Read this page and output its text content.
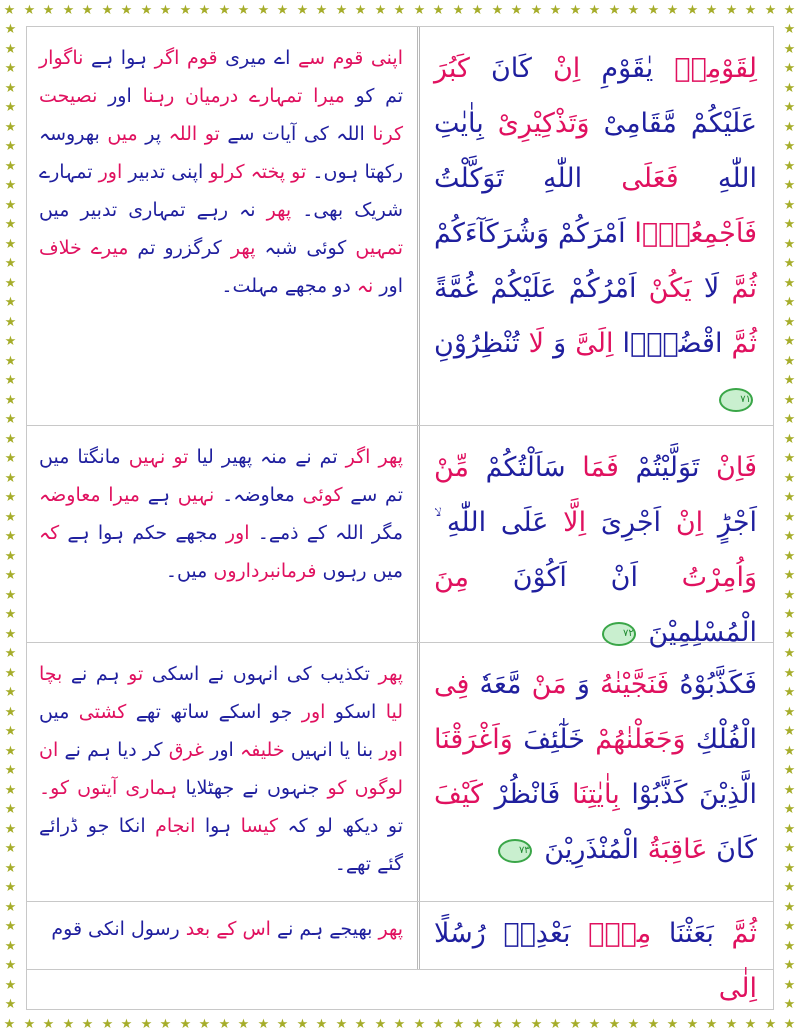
★
★
★
★
★
★
★
★
★
★
★
★
★
★
★
★
★
★
★
★
★
★
★
★
★
★
★
★
★
★
★
★
★
★
★
★
★
★
★
★
★
★
★
★
★
★
★
★
★
★
★
★
★
★
★
★
★
★
★
★
★
★
★
★
★
★
★
★
★
★
★
★
★
★
★
★
★
★
★
★
★
★
★	★
★	★
★	★
★	★
★	★
★	★
★	★
★	★
★	★
★	★
★	★
★	★
★	★
★	★
★	★
★	★
★	★
★	★
★	★
★	★
★	★
★	★
★	★
★	★
★	★
★	★
★	★
★	★
★	★
★	★
★	★
★	★
★	★
★	★
★	★
★	★
★	★
★	★
★	★
★	★
★	★
★	★
★	★
★	★
★	★
★	★
★	★
★	★
★	★
★	★
★	★
لِقَوْمِهٖ يٰقَوْمِ اِنْ كَانَ كَبُرَ عَلَيْكُمْ مَّقَامِىْ وَتَذْكِيْرِىْ بِاٰيٰتِ اللّٰهِ فَعَلَى اللّٰهِ تَوَكَّلْتُ فَاَجْمِعُوْۤا اَمْرَكُمْ وَشُرَكَآءَكُمْ ثُمَّ لَا يَكُنْ اَمْرُكُمْ عَلَيْكُمْ غُمَّةً ثُمَّ اقْضُوْۤا اِلَىَّ وَ لَا تُنْظِرُوْنِ ٧١
اپنی قوم سے اے میری قوم اگر ہوا ہے ناگوار تم کو میرا تمہارے درمیان رہنا اور نصیحت کرنا اللہ کی آیات سے تو اللہ پر میں بھروسہ رکھتا ہوں۔ تو پختہ کرلو اپنی تدبیر اور تمہارے شریک بھی۔ پھر نہ رہے تمہاری تدبیر میں تمہیں کوئی شبہ پھر کرگزرو تم میرے خلاف اور نہ دو مجھے مہلت۔
فَاِنْ تَوَلَّيْتُمْ فَمَا سَاَلْتُكُمْ مِّنْ اَجْرٍؕ اِنْ اَجْرِىَ اِلَّا عَلَى اللّٰهِ ۙ وَاُمِرْتُ اَنْ اَكُوْنَ مِنَ الْمُسْلِمِيْنَ ٧٢
پھر اگر تم نے منہ پھیر لیا تو نہیں مانگتا میں تم سے کوئی معاوضہ۔ نہیں ہے میرا معاوضہ مگر اللہ کے ذمے۔ اور مجھے حکم ہوا ہے کہ میں رہوں فرمانبرداروں میں۔
فَكَذَّبُوْهُ فَنَجَّيْنٰهُ وَ مَنْ مَّعَهٗ فِى الْفُلْكِ وَجَعَلْنٰهُمْ خَلٰٓئِفَ وَاَغْرَقْنَا الَّذِيْنَ كَذَّبُوْا بِاٰيٰتِنَا فَانْظُرْ كَيْفَ كَانَ عَاقِبَةُ الْمُنْذَرِيْنَ ٧٣
پھر تکذیب کی انہوں نے اسکی تو ہم نے بچا لیا اسکو اور جو اسکے ساتھ تھے کشتی میں اور بنا یا انہیں خلیفہ اور غرق کر دیا ہم نے ان لوگوں کو جنہوں نے جھٹلایا ہماری آیتوں کو۔ تو دیکھ لو کہ کیسا ہوا انجام انکا جو ڈرائے گئے تھے۔
ثُمَّ بَعَثْنَا مِنْۢ بَعْدِهٖ رُسُلًا اِلٰى
پھر بھیجے ہم نے اس کے بعد رسول انکی قوم
